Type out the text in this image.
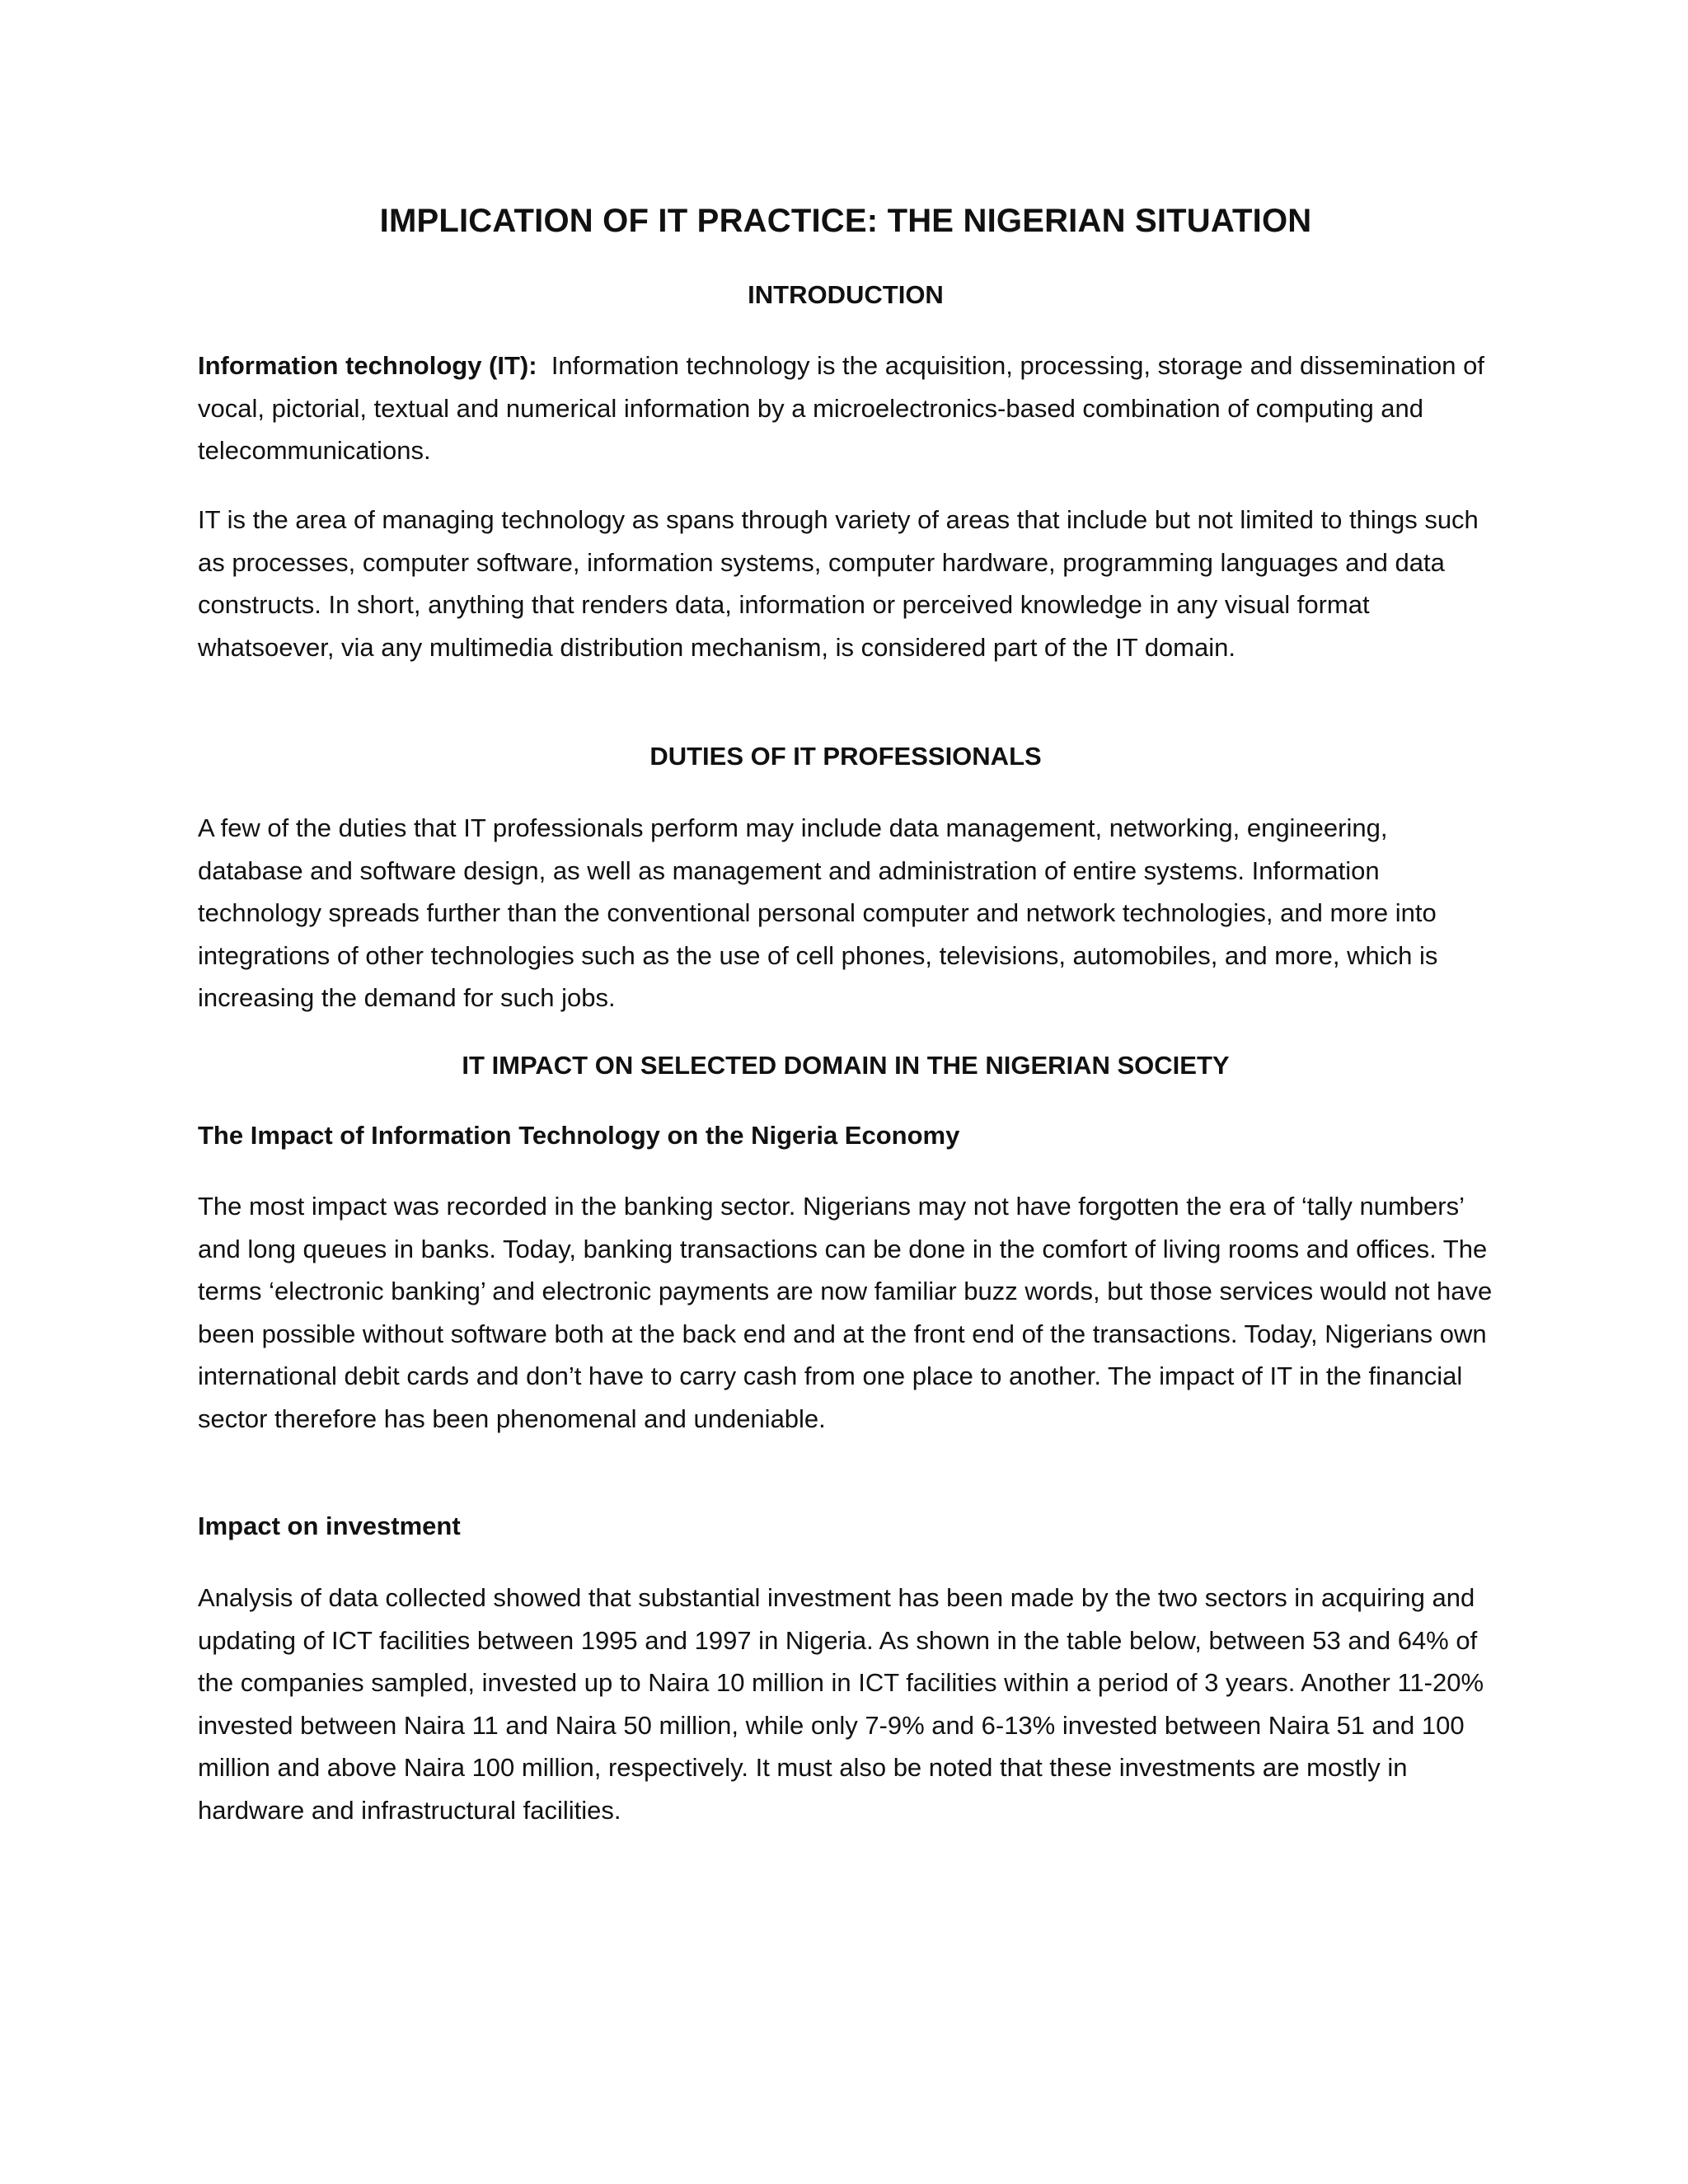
IMPLICATION OF IT PRACTICE: THE NIGERIAN SITUATION
INTRODUCTION

Information technology (IT): Information technology is the acquisition, processing, storage and dissemination of vocal, pictorial, textual and numerical information by a microelectronics-based combination of computing and telecommunications.

IT is the area of managing technology as spans through variety of areas that include but not limited to things such as processes, computer software, information systems, computer hardware, programming languages and data constructs. In short, anything that renders data, information or perceived knowledge in any visual format whatsoever, via any multimedia distribution mechanism, is considered part of the IT domain.

DUTIES OF IT PROFESSIONALS

A few of the duties that IT professionals perform may include data management, networking, engineering, database and software design, as well as management and administration of entire systems. Information technology spreads further than the conventional personal computer and network technologies, and more into integrations of other technologies such as the use of cell phones, televisions, automobiles, and more, which is increasing the demand for such jobs.

IT IMPACT ON SELECTED DOMAIN IN THE NIGERIAN SOCIETY
The Impact of Information Technology on the Nigeria Economy

The most impact was recorded in the banking sector. Nigerians may not have forgotten the era of ‘tally numbers’ and long queues in banks. Today, banking transactions can be done in the comfort of living rooms and offices. The terms ‘electronic banking’ and electronic payments are now familiar buzz words, but those services would not have been possible without software both at the back end and at the front end of the transactions. Today, Nigerians own international debit cards and don’t have to carry cash from one place to another. The impact of IT in the financial sector therefore has been phenomenal and undeniable.

Impact on investment

Analysis of data collected showed that substantial investment has been made by the two sectors in acquiring and updating of ICT facilities between 1995 and 1997 in Nigeria. As shown in the table below, between 53 and 64% of the companies sampled, invested up to Naira 10 million in ICT facilities within a period of 3 years. Another 11-20% invested between Naira 11 and Naira 50 million, while only 7-9% and 6-13% invested between Naira 51 and 100 million and above Naira 100 million, respectively. It must also be noted that these investments are mostly in hardware and infrastructural facilities.
